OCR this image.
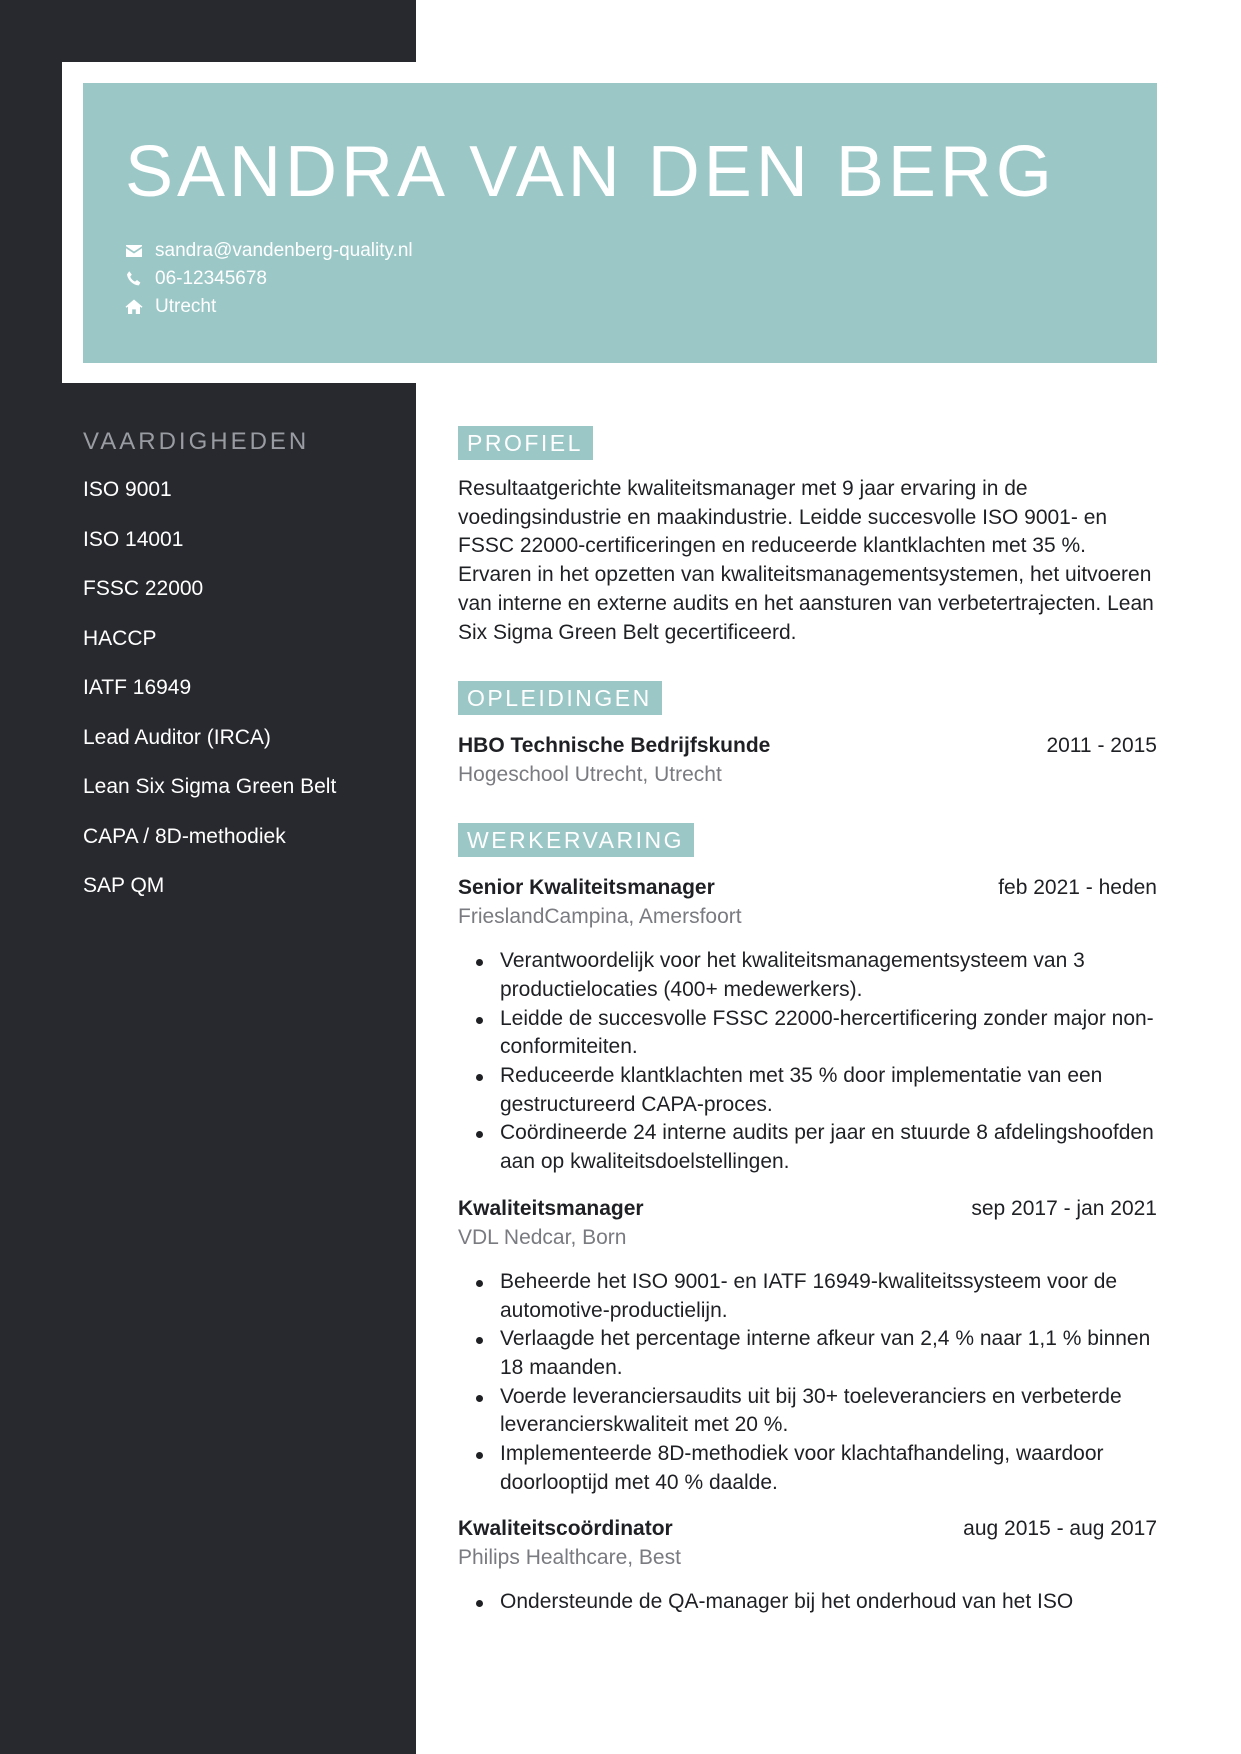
SANDRA VAN DEN BERG
sandra@vandenberg-quality.nl
06-12345678
Utrecht
VAARDIGHEDEN
ISO 9001
ISO 14001
FSSC 22000
HACCP
IATF 16949
Lead Auditor (IRCA)
Lean Six Sigma Green Belt
CAPA / 8D-methodiek
SAP QM
PROFIEL

Resultaatgerichte kwaliteitsmanager met 9 jaar ervaring in de voedingsindustrie en maakindustrie. Leidde succesvolle ISO 9001- en FSSC 22000-certificeringen en reduceerde klantklachten met 35 %. Ervaren in het opzetten van kwaliteitsmanagementsystemen, het uitvoeren van interne en externe audits en het aansturen van verbetertrajecten. Lean Six Sigma Green Belt gecertificeerd.

OPLEIDINGEN
HBO Technische Bedrijfskunde	2011 - 2015
Hogeschool Utrecht, Utrecht
WERKERVARING
Senior Kwaliteitsmanager	feb 2021 - heden
FrieslandCampina, Amersfoort
Verantwoordelijk voor het kwaliteitsmanagementsysteem van 3 productielocaties (400+ medewerkers).
Leidde de succesvolle FSSC 22000-hercertificering zonder major non-conformiteiten.
Reduceerde klantklachten met 35 % door implementatie van een gestructureerd CAPA-proces.
Coördineerde 24 interne audits per jaar en stuurde 8 afdelingshoofden aan op kwaliteitsdoelstellingen.
Kwaliteitsmanager	sep 2017 - jan 2021
VDL Nedcar, Born
Beheerde het ISO 9001- en IATF 16949-kwaliteitssysteem voor de automotive-productielijn.
Verlaagde het percentage interne afkeur van 2,4 % naar 1,1 % binnen 18 maanden.
Voerde leveranciersaudits uit bij 30+ toeleveranciers en verbeterde leverancierskwaliteit met 20 %.
Implementeerde 8D-methodiek voor klachtafhandeling, waardoor doorlooptijd met 40 % daalde.
Kwaliteitscoördinator	aug 2015 - aug 2017
Philips Healthcare, Best
Ondersteunde de QA-manager bij het onderhoud van het ISO
